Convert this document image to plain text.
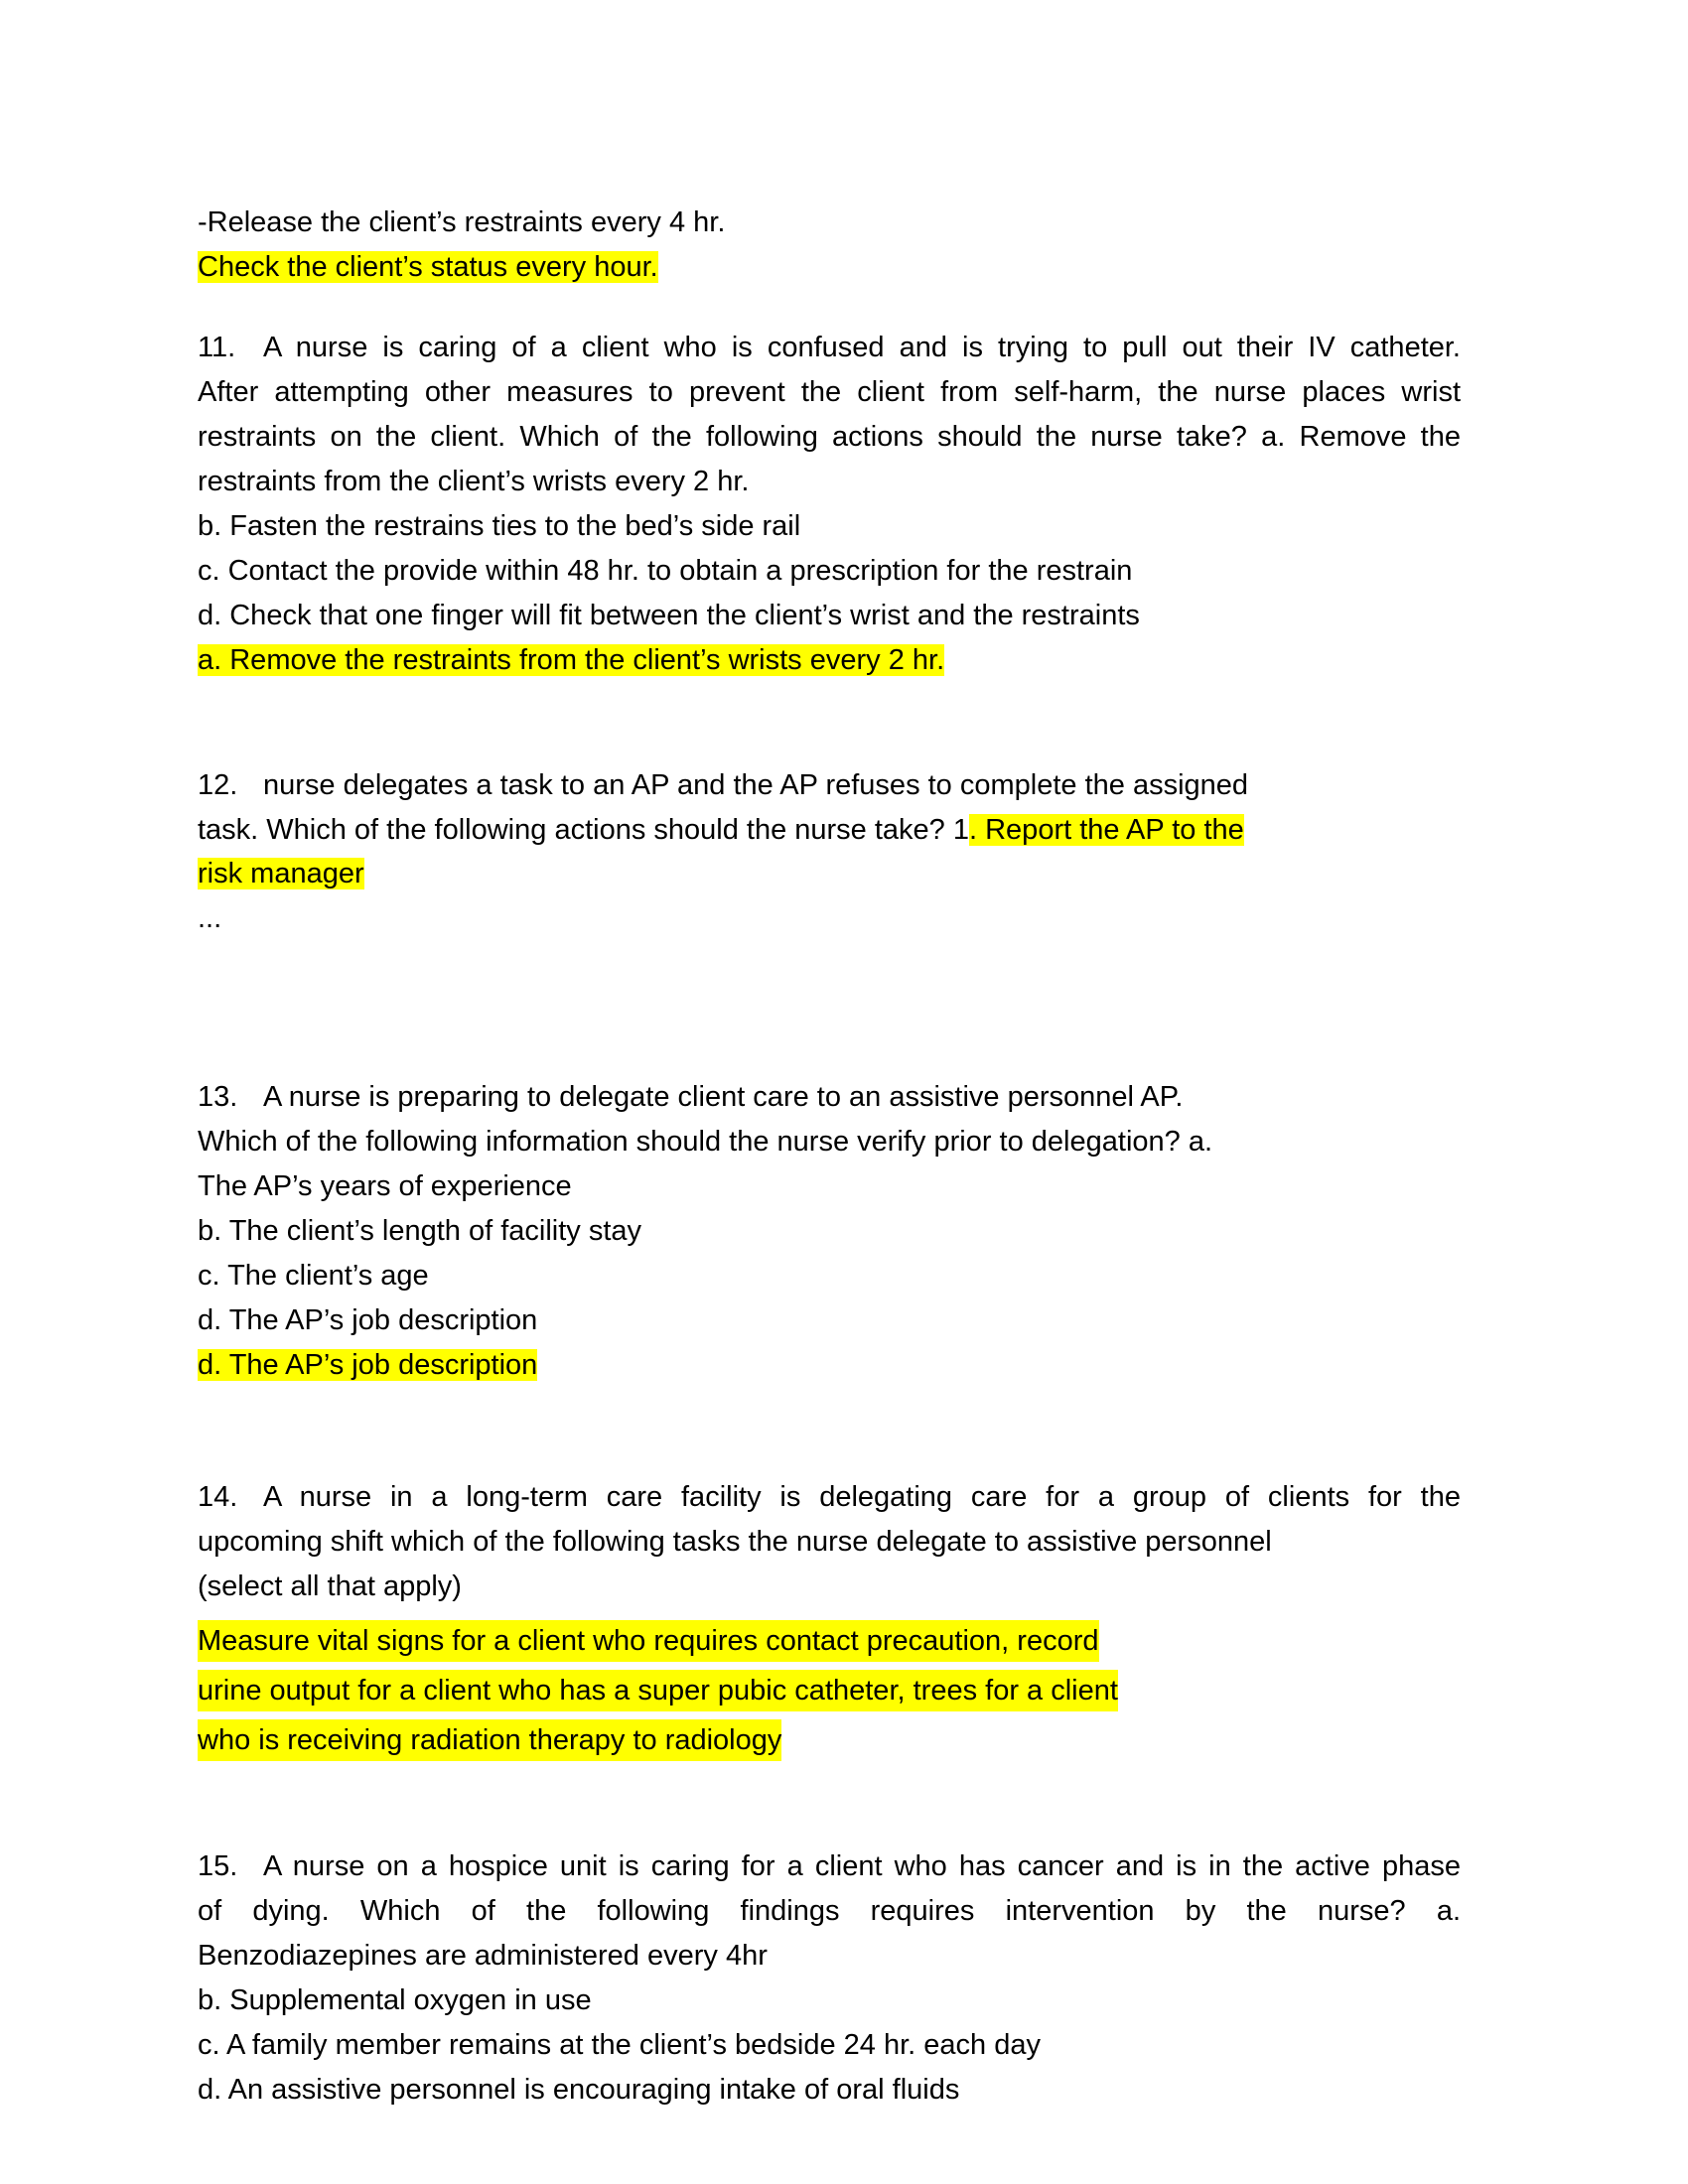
-Release the client’s restraints every 4 hr.
Check the client’s status every hour.
11. A nurse is caring of a client who is confused and is trying to pull out their IV catheter.
After attempting other measures to prevent the client from self-harm, the nurse places wrist
restraints on the client. Which of the following actions should the nurse take? a. Remove the
restraints from the client’s wrists every 2 hr.
b. Fasten the restrains ties to the bed’s side rail
c. Contact the provide within 48 hr. to obtain a prescription for the restrain
d. Check that one finger will fit between the client’s wrist and the restraints
a. Remove the restraints from the client’s wrists every 2 hr.
12. nurse delegates a task to an AP and the AP refuses to complete the assigned
task. Which of the following actions should the nurse take? 1. Report the AP to the
risk manager
...
13. A nurse is preparing to delegate client care to an assistive personnel AP.
Which of the following information should the nurse verify prior to delegation? a.
The AP’s years of experience
b. The client’s length of facility stay
c. The client’s age
d. The AP’s job description
d. The AP’s job description
14. A nurse in a long-term care facility is delegating care for a group of clients for the
upcoming shift which of the following tasks the nurse delegate to assistive personnel
(select all that apply)
Measure vital signs for a client who requires contact precaution, record
urine output for a client who has a super pubic catheter, trees for a client
who is receiving radiation therapy to radiology
15. A nurse on a hospice unit is caring for a client who has cancer and is in the active phase
of dying. Which of the following findings requires intervention by the nurse? a.
Benzodiazepines are administered every 4hr
b. Supplemental oxygen in use
c. A family member remains at the client’s bedside 24 hr. each day
d. An assistive personnel is encouraging intake of oral fluids
